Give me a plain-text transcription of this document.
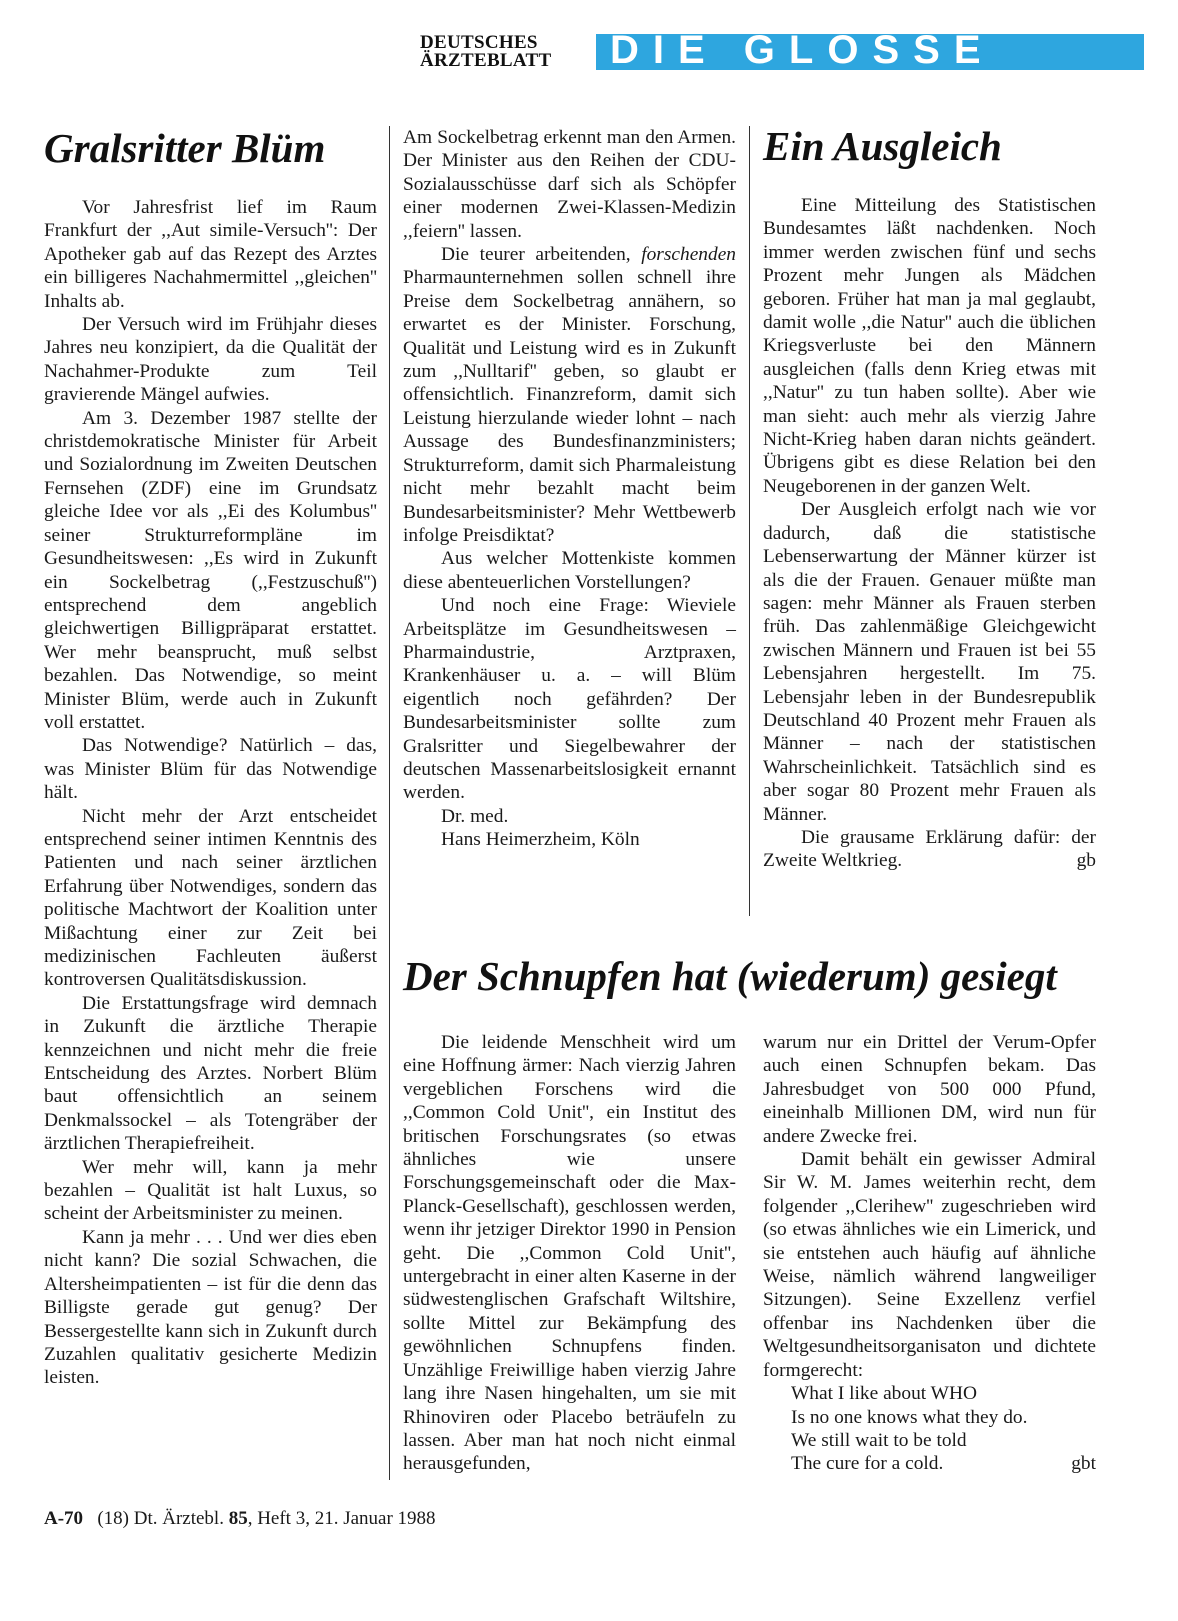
DEUTSCHES
ÄRZTEBLATT	DIE GLOSSE
Gralsritter Blüm

Vor Jahresfrist lief im Raum Frankfurt der ,,Aut simile-Versuch'': Der Apotheker gab auf das Rezept des Arztes ein billigeres Nachahmermittel ,,gleichen'' Inhalts ab.

Der Versuch wird im Frühjahr dieses Jahres neu konzipiert, da die Qualität der Nachahmer-Produkte zum Teil gravierende Mängel aufwies.

Am 3. Dezember 1987 stellte der christdemokratische Minister für Arbeit und Sozialordnung im Zweiten Deutschen Fernsehen (ZDF) eine im Grundsatz gleiche Idee vor als ,,Ei des Kolumbus'' seiner Strukturreformpläne im Gesundheitswesen: ,,Es wird in Zukunft ein Sockelbetrag (,,Festzuschuß'') entsprechend dem angeblich gleichwertigen Billigpräparat erstattet. Wer mehr beansprucht, muß selbst bezahlen. Das Notwendige, so meint Minister Blüm, werde auch in Zukunft voll erstattet.

Das Notwendige? Natürlich – das, was Minister Blüm für das Notwendige hält.

Nicht mehr der Arzt entscheidet entsprechend seiner intimen Kenntnis des Patienten und nach seiner ärztlichen Erfahrung über Notwendiges, sondern das politische Machtwort der Koalition unter Mißachtung einer zur Zeit bei medizinischen Fachleuten äußerst kontroversen Qualitätsdiskussion.

Die Erstattungsfrage wird demnach in Zukunft die ärztliche Therapie kennzeichnen und nicht mehr die freie Entscheidung des Arztes. Norbert Blüm baut offensichtlich an seinem Denkmalssockel – als Totengräber der ärztlichen Therapiefreiheit.

Wer mehr will, kann ja mehr bezahlen – Qualität ist halt Luxus, so scheint der Arbeitsminister zu meinen.

Kann ja mehr . . . Und wer dies eben nicht kann? Die sozial Schwachen, die Altersheimpatienten – ist für die denn das Billigste gerade gut genug? Der Bessergestellte kann sich in Zukunft durch Zuzahlen qualitativ gesicherte Medizin leisten.

Am Sockelbetrag erkennt man den Armen. Der Minister aus den Reihen der CDU-Sozialausschüsse darf sich als Schöpfer einer modernen Zwei-Klassen-Medizin ,,feiern'' lassen.

Die teurer arbeitenden, forschenden Pharmaunternehmen sollen schnell ihre Preise dem Sockelbetrag annähern, so erwartet es der Minister. Forschung, Qualität und Leistung wird es in Zukunft zum ,,Nulltarif'' geben, so glaubt er offensichtlich. Finanzreform, damit sich Leistung hierzulande wieder lohnt – nach Aussage des Bundesfinanzministers; Strukturreform, damit sich Pharmaleistung nicht mehr bezahlt macht beim Bundesarbeitsminister? Mehr Wettbewerb infolge Preisdiktat?

Aus welcher Mottenkiste kommen diese abenteuerlichen Vorstellungen?

Und noch eine Frage: Wieviele Arbeitsplätze im Gesundheitswesen – Pharmaindustrie, Arztpraxen, Krankenhäuser u. a. – will Blüm eigentlich noch gefährden? Der Bundesarbeitsminister sollte zum Gralsritter und Siegelbewahrer der deutschen Massenarbeitslosigkeit ernannt werden.

Dr. med.

Hans Heimerzheim, Köln

Ein Ausgleich

Eine Mitteilung des Statistischen Bundesamtes läßt nachdenken. Noch immer werden zwischen fünf und sechs Prozent mehr Jungen als Mädchen geboren. Früher hat man ja mal geglaubt, damit wolle ,,die Natur'' auch die üblichen Kriegsverluste bei den Männern ausgleichen (falls denn Krieg etwas mit ,,Natur'' zu tun haben sollte). Aber wie man sieht: auch mehr als vierzig Jahre Nicht-Krieg haben daran nichts geändert. Übrigens gibt es diese Relation bei den Neugeborenen in der ganzen Welt.

Der Ausgleich erfolgt nach wie vor dadurch, daß die statistische Lebenserwartung der Männer kürzer ist als die der Frauen. Genauer müßte man sagen: mehr Männer als Frauen sterben früh. Das zahlenmäßige Gleichgewicht zwischen Männern und Frauen ist bei 55 Lebensjahren hergestellt. Im 75. Lebensjahr leben in der Bundesrepublik Deutschland 40 Prozent mehr Frauen als Männer – nach der statistischen Wahrscheinlichkeit. Tatsächlich sind es aber sogar 80 Prozent mehr Frauen als Männer.

Die grausame Erklärung dafür: der Zweite Weltkrieg.	gb

Der Schnupfen hat (wiederum) gesiegt

Die leidende Menschheit wird um eine Hoffnung ärmer: Nach vierzig Jahren vergeblichen Forschens wird die ,,Common Cold Unit'', ein Institut des britischen Forschungsrates (so etwas ähnliches wie unsere Forschungsgemeinschaft oder die Max-Planck-Gesellschaft), geschlossen werden, wenn ihr jetziger Direktor 1990 in Pension geht. Die ,,Common Cold Unit'', untergebracht in einer alten Kaserne in der südwestenglischen Grafschaft Wiltshire, sollte Mittel zur Bekämpfung des gewöhnlichen Schnupfens finden. Unzählige Freiwillige haben vierzig Jahre lang ihre Nasen hingehalten, um sie mit Rhinoviren oder Placebo beträufeln zu lassen. Aber man hat noch nicht einmal herausgefunden,

warum nur ein Drittel der Verum-Opfer auch einen Schnupfen bekam. Das Jahresbudget von 500 000 Pfund, eineinhalb Millionen DM, wird nun für andere Zwecke frei.

Damit behält ein gewisser Admiral Sir W. M. James weiterhin recht, dem folgender ,,Clerihew'' zugeschrieben wird (so etwas ähnliches wie ein Limerick, und sie entstehen auch häufig auf ähnliche Weise, nämlich während langweiliger Sitzungen). Seine Exzellenz verfiel offenbar ins Nachdenken über die Weltgesundheitsorganisaton und dichtete formgerecht:

What I like about WHO
Is no one knows what they do.
We still wait to be told
The cure for a cold.	gbt
A-70 (18) Dt. Ärztebl. 85, Heft 3, 21. Januar 1988
